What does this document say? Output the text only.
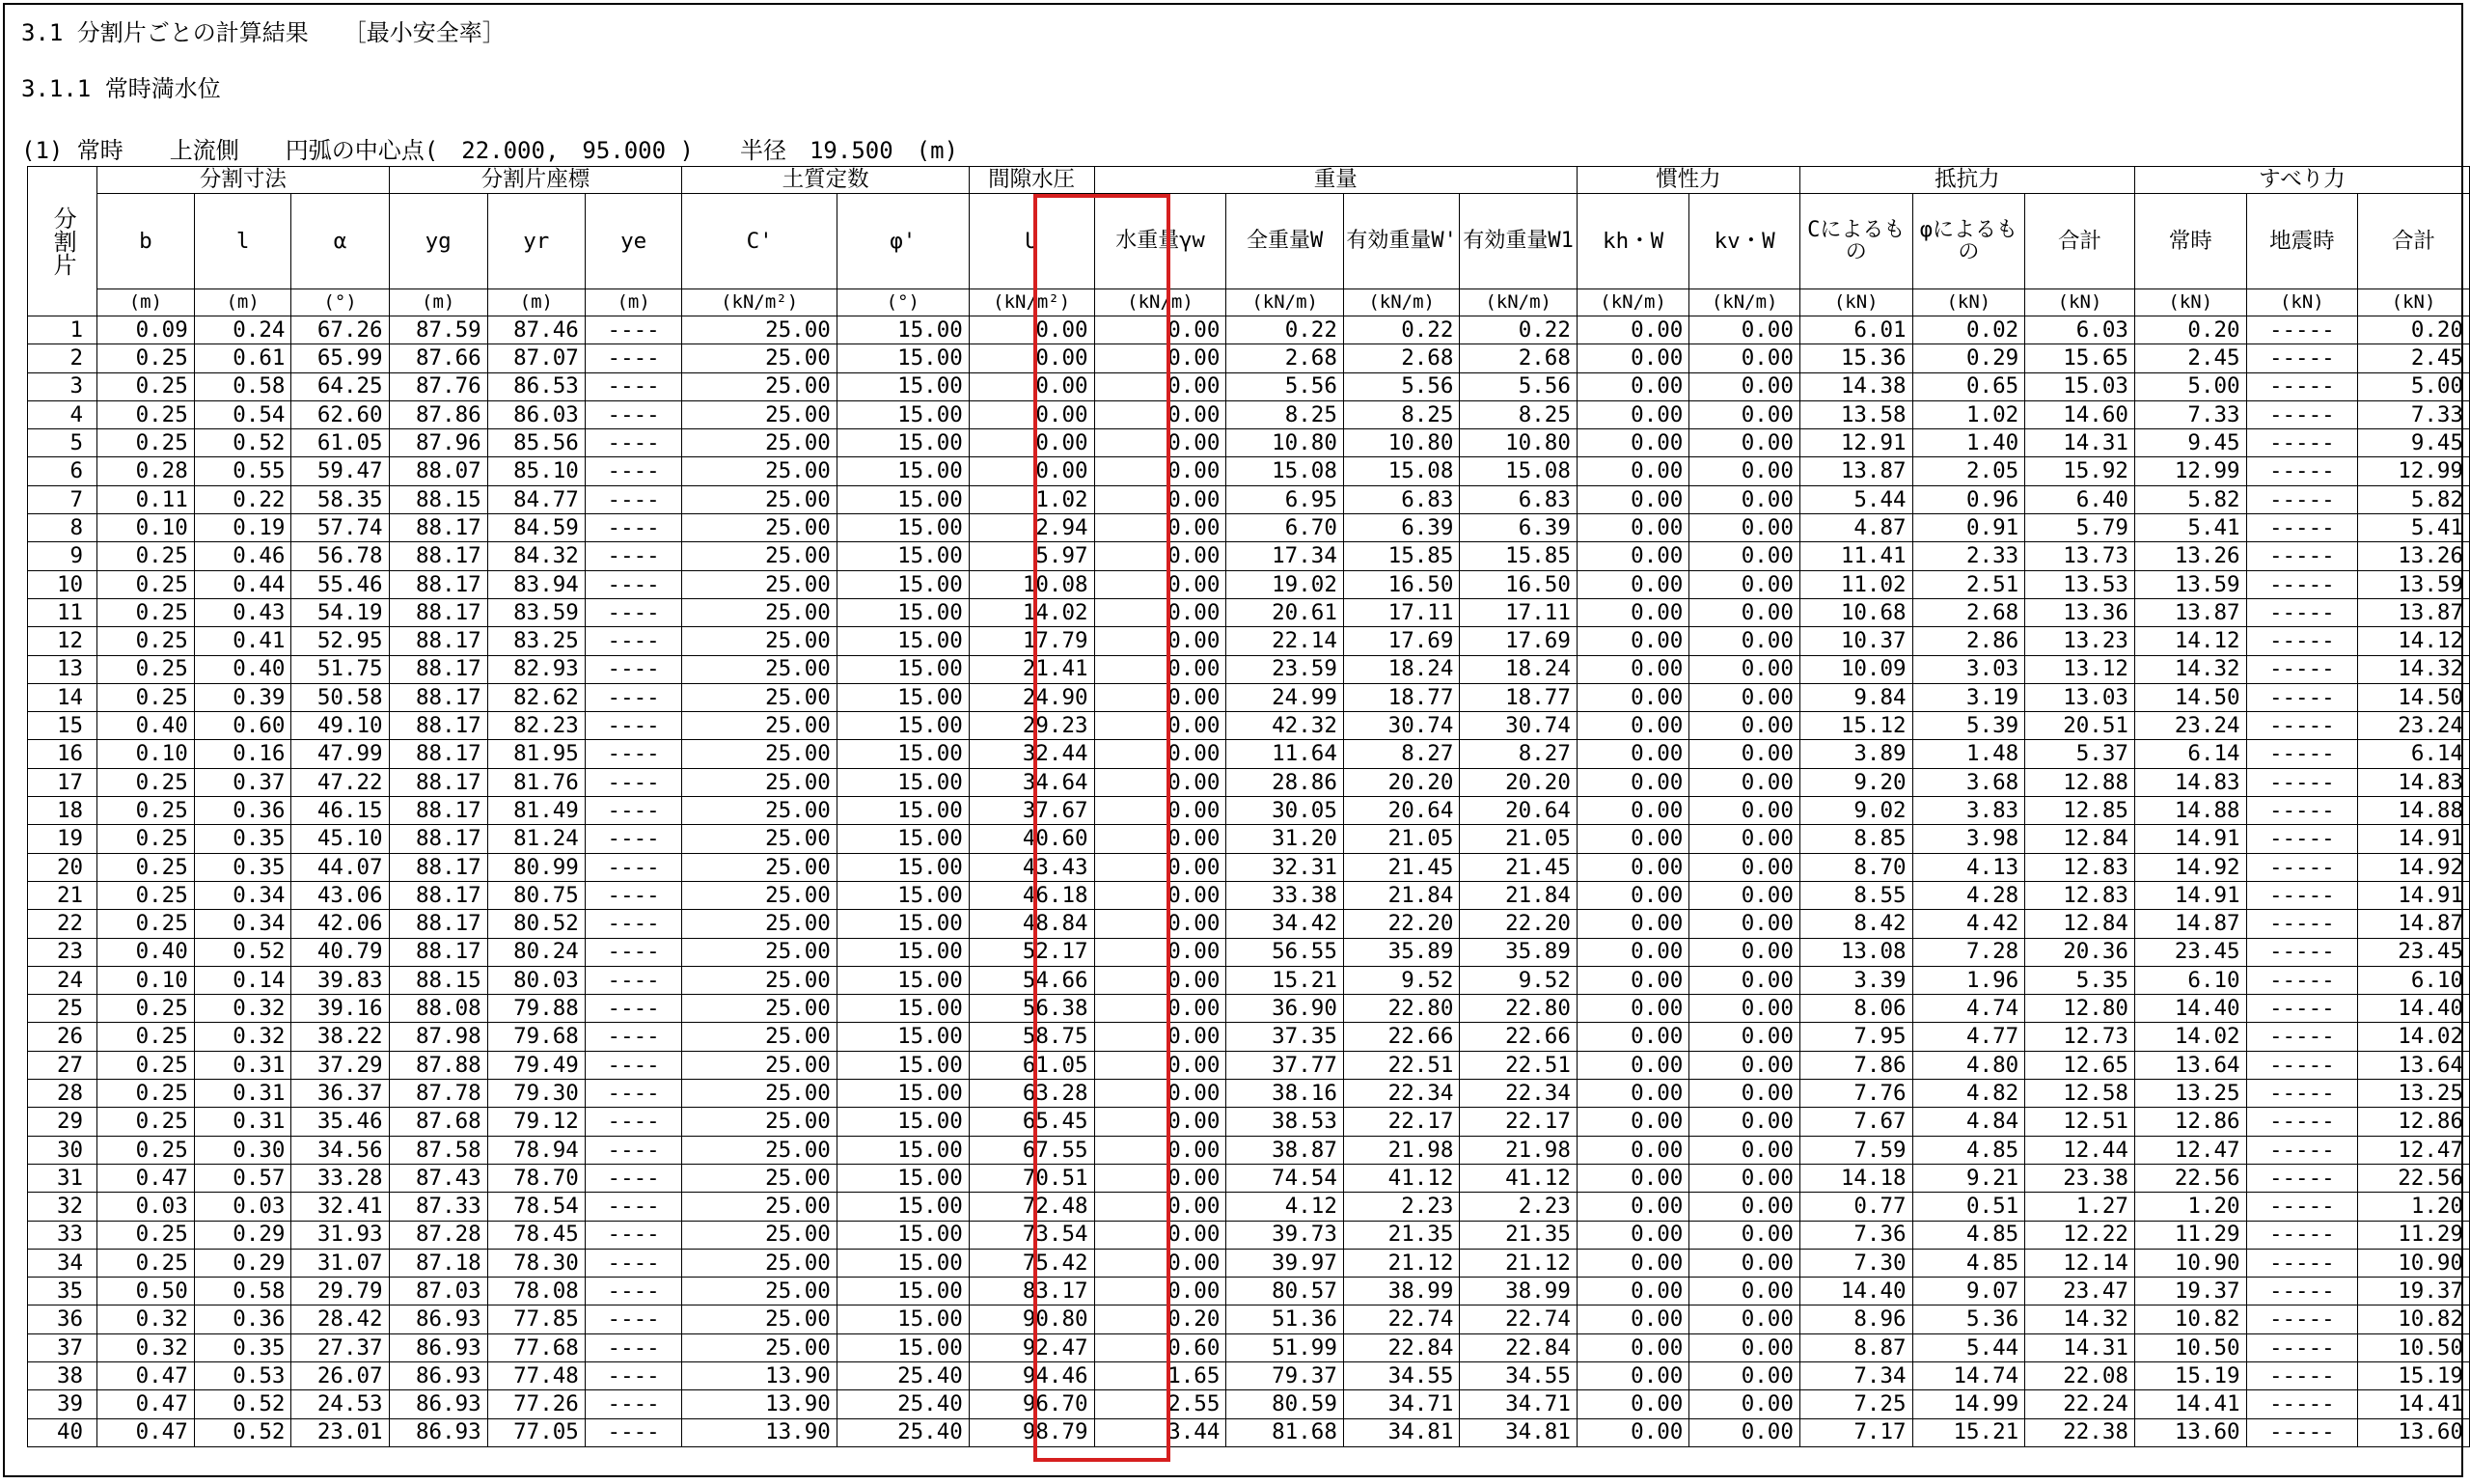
3.1 分割片ごとの計算結果　　［最小安全率］
3.1.1 常時満水位
(1) 常時　　上流側　　円弧の中心点(　22.000,　95.000 )　　半径　19.500　(m)
分割片	分割寸法			分割片座標			土質定数		間隙水圧	重量				慣性力		抵抗力			すべり力		
	b	l	α	yg	yr	ye	C'	φ'	U	水重量γw	全重量W	有効重量W'	有効重量W1	kh・W	kv・W	Cによるもの	φによるもの	合計	常時	地震時	合計
	(m)	(m)	(°)	(m)	(m)	(m)	(kN/m²)	(°)	(kN/m²)	(kN/m)	(kN/m)	(kN/m)	(kN/m)	(kN/m)	(kN/m)	(kN)	(kN)	(kN)	(kN)	(kN)	(kN)
1	0.09	0.24	67.26	87.59	87.46	----	25.00	15.00	0.00	0.00	0.22	0.22	0.22	0.00	0.00	6.01	0.02	6.03	0.20	-----	0.20
2	0.25	0.61	65.99	87.66	87.07	----	25.00	15.00	0.00	0.00	2.68	2.68	2.68	0.00	0.00	15.36	0.29	15.65	2.45	-----	2.45
3	0.25	0.58	64.25	87.76	86.53	----	25.00	15.00	0.00	0.00	5.56	5.56	5.56	0.00	0.00	14.38	0.65	15.03	5.00	-----	5.00
4	0.25	0.54	62.60	87.86	86.03	----	25.00	15.00	0.00	0.00	8.25	8.25	8.25	0.00	0.00	13.58	1.02	14.60	7.33	-----	7.33
5	0.25	0.52	61.05	87.96	85.56	----	25.00	15.00	0.00	0.00	10.80	10.80	10.80	0.00	0.00	12.91	1.40	14.31	9.45	-----	9.45
6	0.28	0.55	59.47	88.07	85.10	----	25.00	15.00	0.00	0.00	15.08	15.08	15.08	0.00	0.00	13.87	2.05	15.92	12.99	-----	12.99
7	0.11	0.22	58.35	88.15	84.77	----	25.00	15.00	1.02	0.00	6.95	6.83	6.83	0.00	0.00	5.44	0.96	6.40	5.82	-----	5.82
8	0.10	0.19	57.74	88.17	84.59	----	25.00	15.00	2.94	0.00	6.70	6.39	6.39	0.00	0.00	4.87	0.91	5.79	5.41	-----	5.41
9	0.25	0.46	56.78	88.17	84.32	----	25.00	15.00	5.97	0.00	17.34	15.85	15.85	0.00	0.00	11.41	2.33	13.73	13.26	-----	13.26
10	0.25	0.44	55.46	88.17	83.94	----	25.00	15.00	10.08	0.00	19.02	16.50	16.50	0.00	0.00	11.02	2.51	13.53	13.59	-----	13.59
11	0.25	0.43	54.19	88.17	83.59	----	25.00	15.00	14.02	0.00	20.61	17.11	17.11	0.00	0.00	10.68	2.68	13.36	13.87	-----	13.87
12	0.25	0.41	52.95	88.17	83.25	----	25.00	15.00	17.79	0.00	22.14	17.69	17.69	0.00	0.00	10.37	2.86	13.23	14.12	-----	14.12
13	0.25	0.40	51.75	88.17	82.93	----	25.00	15.00	21.41	0.00	23.59	18.24	18.24	0.00	0.00	10.09	3.03	13.12	14.32	-----	14.32
14	0.25	0.39	50.58	88.17	82.62	----	25.00	15.00	24.90	0.00	24.99	18.77	18.77	0.00	0.00	9.84	3.19	13.03	14.50	-----	14.50
15	0.40	0.60	49.10	88.17	82.23	----	25.00	15.00	29.23	0.00	42.32	30.74	30.74	0.00	0.00	15.12	5.39	20.51	23.24	-----	23.24
16	0.10	0.16	47.99	88.17	81.95	----	25.00	15.00	32.44	0.00	11.64	8.27	8.27	0.00	0.00	3.89	1.48	5.37	6.14	-----	6.14
17	0.25	0.37	47.22	88.17	81.76	----	25.00	15.00	34.64	0.00	28.86	20.20	20.20	0.00	0.00	9.20	3.68	12.88	14.83	-----	14.83
18	0.25	0.36	46.15	88.17	81.49	----	25.00	15.00	37.67	0.00	30.05	20.64	20.64	0.00	0.00	9.02	3.83	12.85	14.88	-----	14.88
19	0.25	0.35	45.10	88.17	81.24	----	25.00	15.00	40.60	0.00	31.20	21.05	21.05	0.00	0.00	8.85	3.98	12.84	14.91	-----	14.91
20	0.25	0.35	44.07	88.17	80.99	----	25.00	15.00	43.43	0.00	32.31	21.45	21.45	0.00	0.00	8.70	4.13	12.83	14.92	-----	14.92
21	0.25	0.34	43.06	88.17	80.75	----	25.00	15.00	46.18	0.00	33.38	21.84	21.84	0.00	0.00	8.55	4.28	12.83	14.91	-----	14.91
22	0.25	0.34	42.06	88.17	80.52	----	25.00	15.00	48.84	0.00	34.42	22.20	22.20	0.00	0.00	8.42	4.42	12.84	14.87	-----	14.87
23	0.40	0.52	40.79	88.17	80.24	----	25.00	15.00	52.17	0.00	56.55	35.89	35.89	0.00	0.00	13.08	7.28	20.36	23.45	-----	23.45
24	0.10	0.14	39.83	88.15	80.03	----	25.00	15.00	54.66	0.00	15.21	9.52	9.52	0.00	0.00	3.39	1.96	5.35	6.10	-----	6.10
25	0.25	0.32	39.16	88.08	79.88	----	25.00	15.00	56.38	0.00	36.90	22.80	22.80	0.00	0.00	8.06	4.74	12.80	14.40	-----	14.40
26	0.25	0.32	38.22	87.98	79.68	----	25.00	15.00	58.75	0.00	37.35	22.66	22.66	0.00	0.00	7.95	4.77	12.73	14.02	-----	14.02
27	0.25	0.31	37.29	87.88	79.49	----	25.00	15.00	61.05	0.00	37.77	22.51	22.51	0.00	0.00	7.86	4.80	12.65	13.64	-----	13.64
28	0.25	0.31	36.37	87.78	79.30	----	25.00	15.00	63.28	0.00	38.16	22.34	22.34	0.00	0.00	7.76	4.82	12.58	13.25	-----	13.25
29	0.25	0.31	35.46	87.68	79.12	----	25.00	15.00	65.45	0.00	38.53	22.17	22.17	0.00	0.00	7.67	4.84	12.51	12.86	-----	12.86
30	0.25	0.30	34.56	87.58	78.94	----	25.00	15.00	67.55	0.00	38.87	21.98	21.98	0.00	0.00	7.59	4.85	12.44	12.47	-----	12.47
31	0.47	0.57	33.28	87.43	78.70	----	25.00	15.00	70.51	0.00	74.54	41.12	41.12	0.00	0.00	14.18	9.21	23.38	22.56	-----	22.56
32	0.03	0.03	32.41	87.33	78.54	----	25.00	15.00	72.48	0.00	4.12	2.23	2.23	0.00	0.00	0.77	0.51	1.27	1.20	-----	1.20
33	0.25	0.29	31.93	87.28	78.45	----	25.00	15.00	73.54	0.00	39.73	21.35	21.35	0.00	0.00	7.36	4.85	12.22	11.29	-----	11.29
34	0.25	0.29	31.07	87.18	78.30	----	25.00	15.00	75.42	0.00	39.97	21.12	21.12	0.00	0.00	7.30	4.85	12.14	10.90	-----	10.90
35	0.50	0.58	29.79	87.03	78.08	----	25.00	15.00	83.17	0.00	80.57	38.99	38.99	0.00	0.00	14.40	9.07	23.47	19.37	-----	19.37
36	0.32	0.36	28.42	86.93	77.85	----	25.00	15.00	90.80	0.20	51.36	22.74	22.74	0.00	0.00	8.96	5.36	14.32	10.82	-----	10.82
37	0.32	0.35	27.37	86.93	77.68	----	25.00	15.00	92.47	0.60	51.99	22.84	22.84	0.00	0.00	8.87	5.44	14.31	10.50	-----	10.50
38	0.47	0.53	26.07	86.93	77.48	----	13.90	25.40	94.46	1.65	79.37	34.55	34.55	0.00	0.00	7.34	14.74	22.08	15.19	-----	15.19
39	0.47	0.52	24.53	86.93	77.26	----	13.90	25.40	96.70	2.55	80.59	34.71	34.71	0.00	0.00	7.25	14.99	22.24	14.41	-----	14.41
40	0.47	0.52	23.01	86.93	77.05	----	13.90	25.40	98.79	3.44	81.68	34.81	34.81	0.00	0.00	7.17	15.21	22.38	13.60	-----	13.60
